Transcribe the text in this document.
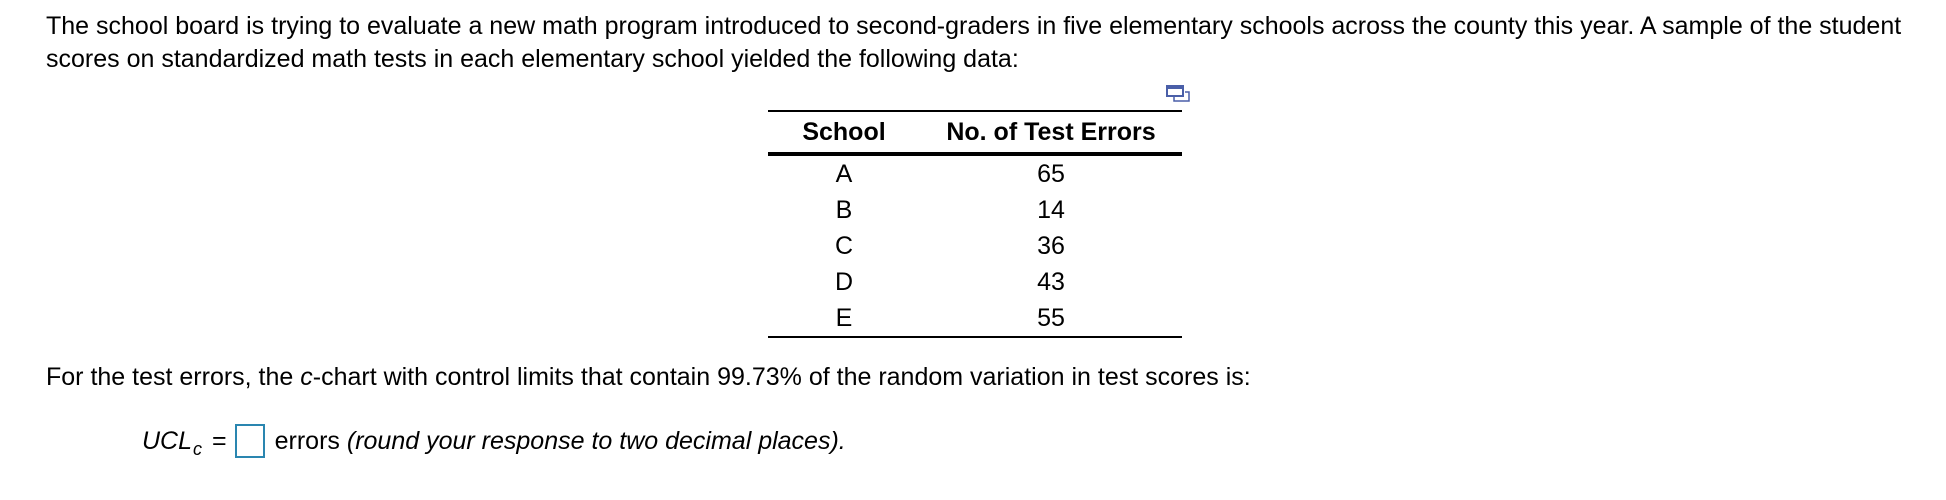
The school board is trying to evaluate a new math program introduced to second-graders in five elementary schools across the county this year. A sample of the student scores on standardized math tests in each elementary school yielded the following data:
School	No. of Test Errors
A	65
B	14
C	36
D	43
E	55
For the test errors, the c-chart with control limits that contain 99.73% of the random variation in test scores is:
UCL c = errors
(round your response to two decimal places).
